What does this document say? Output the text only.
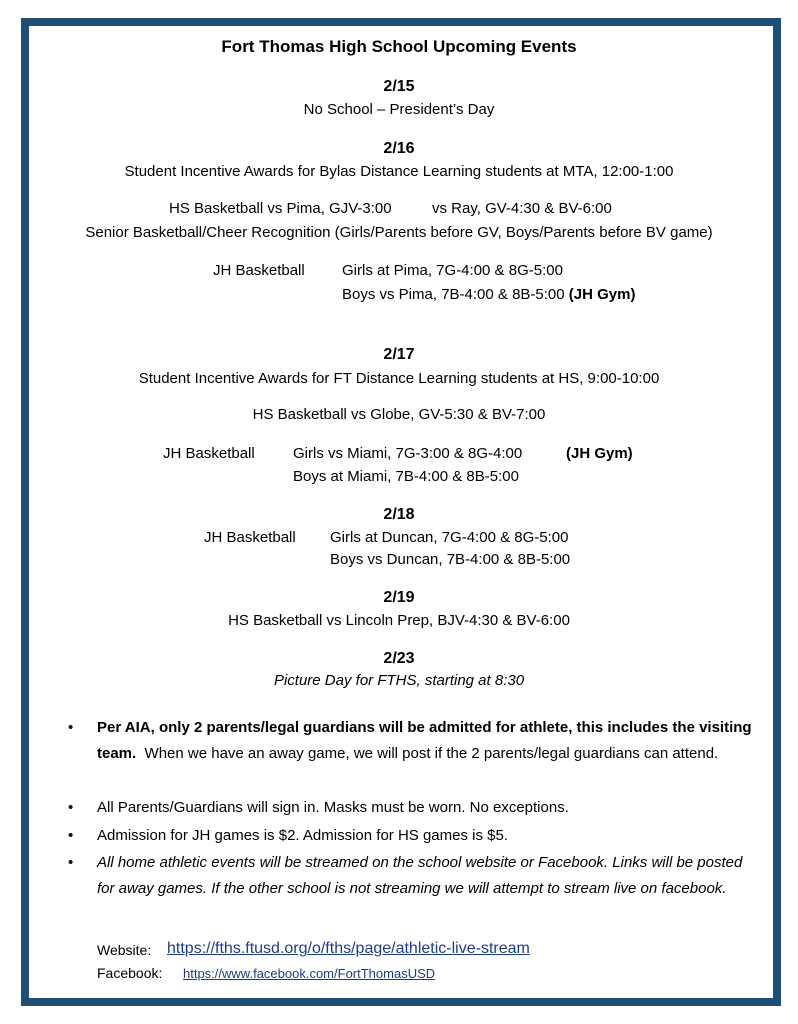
Fort Thomas High School Upcoming Events
2/15
No School – President’s Day
2/16
Student Incentive Awards for Bylas Distance Learning students at MTA, 12:00-1:00
HS Basketball vs Pima, GJV-3:00	vs Ray, GV-4:30 & BV-6:00
Senior Basketball/Cheer Recognition (Girls/Parents before GV, Boys/Parents before BV game)
JH Basketball Girls at Pima, 7G-4:00 & 8G-5:00
Boys vs Pima, 7B-4:00 & 8B-5:00 (JH Gym)
2/17
Student Incentive Awards for FT Distance Learning students at HS, 9:00-10:00
HS Basketball vs Globe, GV-5:30 & BV-7:00
JH Basketball	Girls vs Miami, 7G-3:00 & 8G-4:00	(JH Gym)
Boys at Miami, 7B-4:00 & 8B-5:00
2/18
JH Basketball Girls at Duncan, 7G-4:00 & 8G-5:00
Boys vs Duncan, 7B-4:00 & 8B-5:00
2/19
HS Basketball vs Lincoln Prep, BJV-4:30 & BV-6:00
2/23
Picture Day for FTHS, starting at 8:30
• Per AIA, only 2 parents/legal guardians will be admitted for athlete, this includes the visiting team. When we have an away game, we will post if the 2 parents/legal guardians can attend.
• All Parents/Guardians will sign in. Masks must be worn. No exceptions.
• Admission for JH games is $2. Admission for HS games is $5.
• All home athletic events will be streamed on the school website or Facebook. Links will be posted for away games. If the other school is not streaming we will attempt to stream live on facebook.
Website: https://fths.ftusd.org/o/fths/page/athletic-live-stream
Facebook: https://www.facebook.com/FortThomasUSD
